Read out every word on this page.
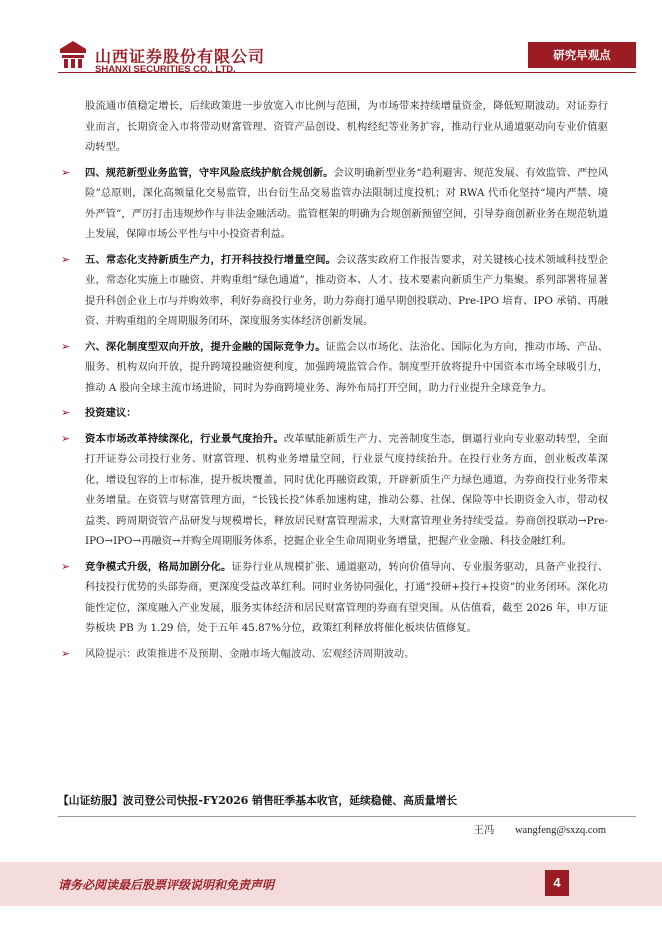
山西证券股份有限公司
SHANXI SECURITIES CO., LTD.
研究早观点

股流通市值稳定增长，后续政策进一步放宽入市比例与范围，为市场带来持续增量资金，降低短期波动。对证券行业而言，长期资金入市将带动财富管理、资管产品创设、机构经纪等业务扩容，推动行业从通道驱动向专业价值驱动转型。

➢ 四、规范新型业务监管，守牢风险底线护航合规创新。会议明确新型业务“趋利避害、规范发展、有效监管、严控风险”总原则，深化高频量化交易监管，出台衍生品交易监管办法限制过度投机；对 RWA 代币化坚持“境内严禁、境外严管”，严厉打击违规炒作与非法金融活动。监管框架的明确为合规创新预留空间，引导券商创新业务在规范轨道上发展，保障市场公平性与中小投资者利益。

➢ 五、常态化支持新质生产力，打开科技投行增量空间。会议落实政府工作报告要求，对关键核心技术领域科技型企业，常态化实施上市融资、并购重组“绿色通道”，推动资本、人才、技术要素向新质生产力集聚。系列部署将显著提升科创企业上市与并购效率，利好券商投行业务，助力券商打通早期创投联动、Pre-IPO 培育、IPO 承销、再融资、并购重组的全周期服务闭环，深度服务实体经济创新发展。

➢ 六、深化制度型双向开放，提升金融的国际竞争力。证监会以市场化、法治化、国际化为方向，推动市场、产品、服务、机构双向开放，提升跨境投融资便利度，加强跨境监管合作。制度型开放将提升中国资本市场全球吸引力，推动 A 股向全球主流市场进阶，同时为券商跨境业务、海外布局打开空间，助力行业提升全球竞争力。

➢ 投资建议：

➢ 资本市场改革持续深化，行业景气度抬升。改革赋能新质生产力、完善制度生态，倒逼行业向专业驱动转型，全面打开证券公司投行业务、财富管理、机构业务增量空间，行业景气度持续抬升。在投行业务方面，创业板改革深化，增设包容的上市标准，提升板块覆盖，同时优化再融资政策，开辟新质生产力绿色通道，为券商投行业务带来业务增量。在资管与财富管理方面，“长钱长投”体系加速构建，推动公募、社保、保险等中长期资金入市，带动权益类、跨周期资管产品研发与规模增长，释放居民财富管理需求，大财富管理业务持续受益。券商创投联动→Pre-IPO→IPO→再融资→并购全周期服务体系，挖掘企业全生命周期业务增量，把握产业金融、科技金融红利。

➢ 竞争模式升级，格局加剧分化。证券行业从规模扩张、通道驱动，转向价值导向、专业服务驱动，具备产业投行、科技投行优势的头部券商，更深度受益改革红利。同时业务协同强化，打通“投研+投行+投资”的业务闭环。深化功能性定位，深度融入产业发展，服务实体经济和居民财富管理的券商有望突围。从估值看，截至 2026 年，申万证券板块 PB 为 1.29 倍，处于五年 45.87%分位，政策红利释放将催化板块估值修复。

➢ 风险提示：政策推进不及预期、金融市场大幅波动、宏观经济周期波动。

【山证纺服】波司登公司快报-FY2026 销售旺季基本收官，延续稳健、高质量增长
王冯 wangfeng@sxzq.com
请务必阅读最后股票评级说明和免责声明	4
